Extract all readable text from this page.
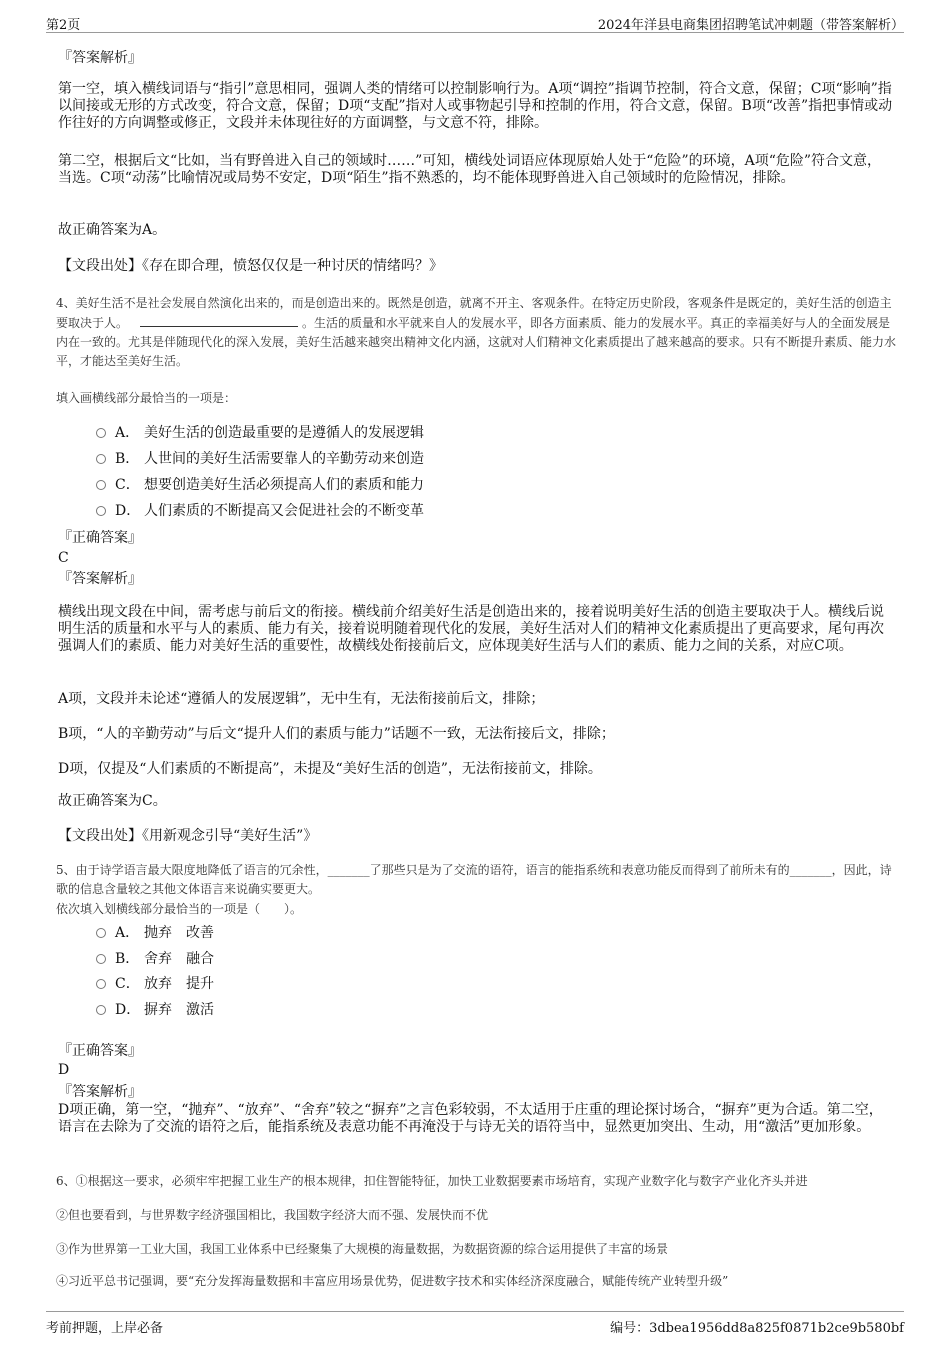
第2页	2024年洋县电商集团招聘笔试冲刺题（带答案解析）
『答案解析』

第一空，填入横线词语与“指引”意思相同，强调人类的情绪可以控制影响行为。A项“调控”指调节控制，符合文意，保留；C项“影响”指以间接或无形的方式改变，符合文意，保留；D项“支配”指对人或事物起引导和控制的作用，符合文意，保留。B项“改善”指把事情或动作往好的方向调整或修正，文段并未体现往好的方面调整，与文意不符，排除。

第二空，根据后文“比如，当有野兽进入自己的领域时……”可知，横线处词语应体现原始人处于“危险”的环境，A项“危险”符合文意，当选。C项“动荡”比喻情况或局势不安定，D项“陌生”指不熟悉的，均不能体现野兽进入自己领域时的危险情况，排除。

故正确答案为A。
【文段出处】《存在即合理，愤怒仅仅是一种讨厌的情绪吗？》

4、美好生活不是社会发展自然演化出来的，而是创造出来的。既然是创造，就离不开主、客观条件。在特定历史阶段，客观条件是既定的，美好生活的创造主要取决于人。	。生活的质量和水平就来自人的发展水平，即各方面素质、能力的发展水平。真正的幸福美好与人的全面发展是内在一致的。尤其是伴随现代化的深入发展，美好生活越来越突出精神文化内涵，这就对人们精神文化素质提出了越来越高的要求。只有不断提升素质、能力水平，才能达至美好生活。

填入画横线部分最恰当的一项是：
A． 美好生活的创造最重要的是遵循人的发展逻辑
B． 人世间的美好生活需要靠人的辛勤劳动来创造
C． 想要创造美好生活必须提高人们的素质和能力
D． 人们素质的不断提高又会促进社会的不断变革
『正确答案』
C
『答案解析』

横线出现文段在中间，需考虑与前后文的衔接。横线前介绍美好生活是创造出来的，接着说明美好生活的创造主要取决于人。横线后说明生活的质量和水平与人的素质、能力有关，接着说明随着现代化的发展，美好生活对人们的精神文化素质提出了更高要求，尾句再次强调人们的素质、能力对美好生活的重要性，故横线处衔接前后文，应体现美好生活与人们的素质、能力之间的关系，对应C项。

A项，文段并未论述“遵循人的发展逻辑”，无中生有，无法衔接前后文，排除；
B项，“人的辛勤劳动”与后文“提升人们的素质与能力”话题不一致，无法衔接后文，排除；
D项，仅提及“人们素质的不断提高”，未提及“美好生活的创造”，无法衔接前文，排除。
故正确答案为C。
【文段出处】《用新观念引导“美好生活”》

5、由于诗学语言最大限度地降低了语言的冗余性，_______了那些只是为了交流的语符，语言的能指系统和表意功能反而得到了前所未有的_______，因此，诗歌的信息含量较之其他文体语言来说确实要更大。

依次填入划横线部分最恰当的一项是（　　）。
A． 抛弃　改善
B． 舍弃　融合
C． 放弃　提升
D． 摒弃　激活
『正确答案』
D
『答案解析』

D项正确，第一空，“抛弃”、“放弃”、“舍弃”较之“摒弃”之言色彩较弱，不太适用于庄重的理论探讨场合，“摒弃”更为合适。第二空，语言在去除为了交流的语符之后，能指系统及表意功能不再淹没于与诗无关的语符当中，显然更加突出、生动，用“激活”更加形象。

6、①根据这一要求，必须牢牢把握工业生产的根本规律，扣住智能特征，加快工业数据要素市场培育，实现产业数字化与数字产业化齐头并进
②但也要看到，与世界数字经济强国相比，我国数字经济大而不强、发展快而不优
③作为世界第一工业大国，我国工业体系中已经聚集了大规模的海量数据，为数据资源的综合运用提供了丰富的场景
④习近平总书记强调，要“充分发挥海量数据和丰富应用场景优势，促进数字技术和实体经济深度融合，赋能传统产业转型升级”
考前押题，上岸必备	编号：3dbea1956dd8a825f0871b2ce9b580bf
